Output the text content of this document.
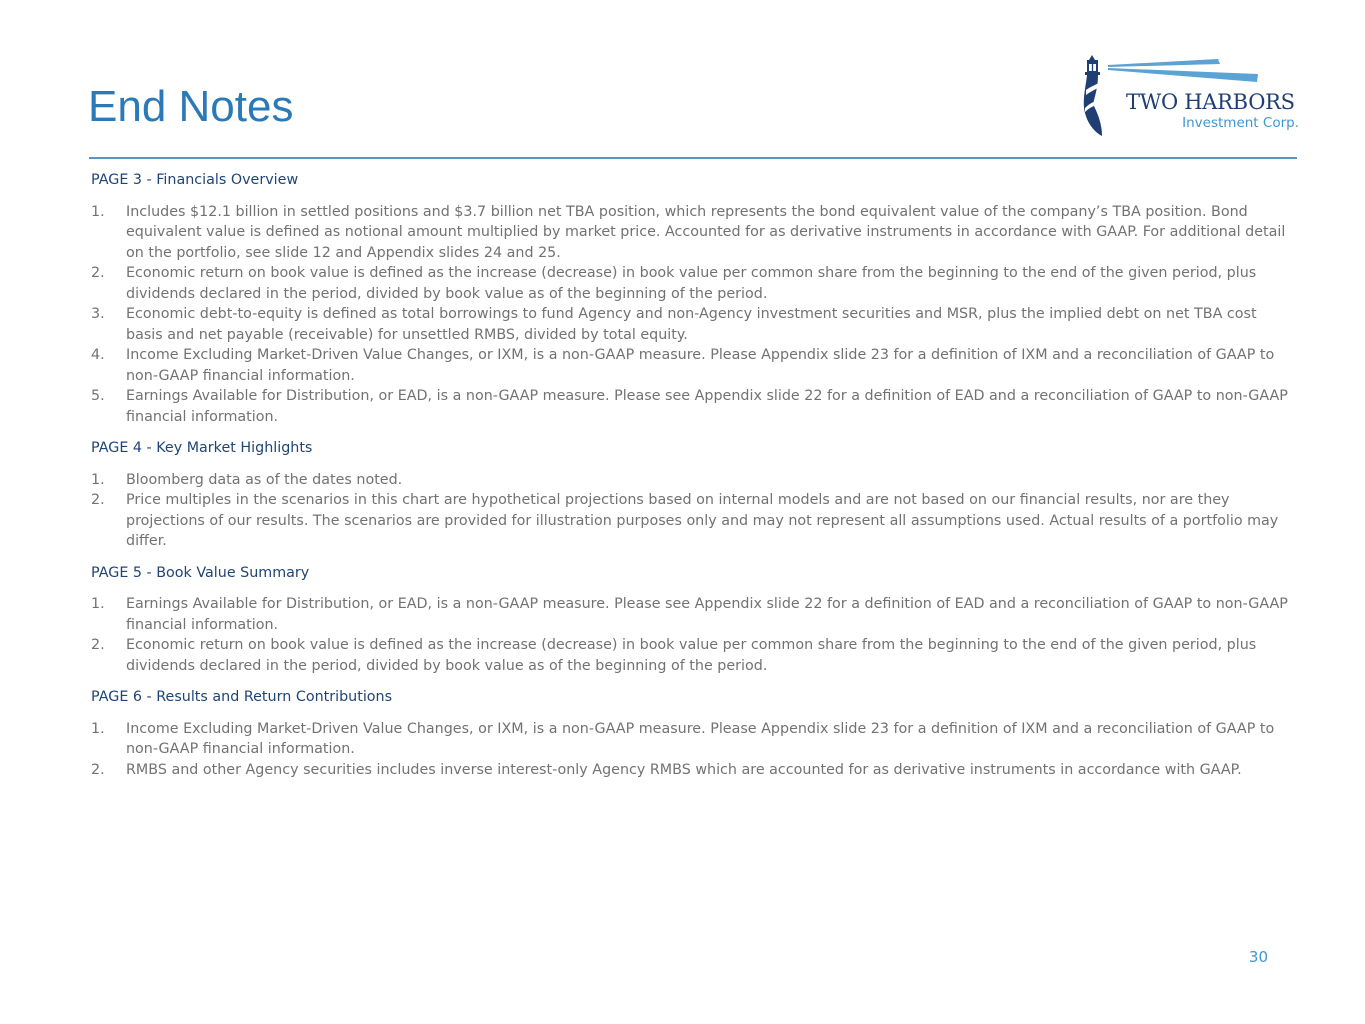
End Notes	TWO HARBORS
Investment Corp.
PAGE 3 - Financials Overview
1.	Includes $12.1 billion in settled positions and $3.7 billion net TBA position, which represents the bond equivalent value of the company’s TBA position. Bond equivalent value is defined as notional amount multiplied by market price. Accounted for as derivative instruments in accordance with GAAP. For additional detail on the portfolio, see slide 12 and Appendix slides 24 and 25.
2.	Economic return on book value is defined as the increase (decrease) in book value per common share from the beginning to the end of the given period, plus dividends declared in the period, divided by book value as of the beginning of the period.
3.	Economic debt-to-equity is defined as total borrowings to fund Agency and non-Agency investment securities and MSR, plus the implied debt on net TBA cost basis and net payable (receivable) for unsettled RMBS, divided by total equity.
4.	Income Excluding Market-Driven Value Changes, or IXM, is a non-GAAP measure. Please Appendix slide 23 for a definition of IXM and a reconciliation of GAAP to non-GAAP financial information.
5.	Earnings Available for Distribution, or EAD, is a non-GAAP measure. Please see Appendix slide 22 for a definition of EAD and a reconciliation of GAAP to non-GAAP financial information.
PAGE 4 - Key Market Highlights
1.	Bloomberg data as of the dates noted.
2.	Price multiples in the scenarios in this chart are hypothetical projections based on internal models and are not based on our financial results, nor are they projections of our results. The scenarios are provided for illustration purposes only and may not represent all assumptions used. Actual results of a portfolio may differ.
PAGE 5 - Book Value Summary
1.	Earnings Available for Distribution, or EAD, is a non-GAAP measure. Please see Appendix slide 22 for a definition of EAD and a reconciliation of GAAP to non-GAAP financial information.
2.	Economic return on book value is defined as the increase (decrease) in book value per common share from the beginning to the end of the given period, plus dividends declared in the period, divided by book value as of the beginning of the period.
PAGE 6 - Results and Return Contributions
1.	Income Excluding Market-Driven Value Changes, or IXM, is a non-GAAP measure. Please Appendix slide 23 for a definition of IXM and a reconciliation of GAAP to non-GAAP financial information.
2.	RMBS and other Agency securities includes inverse interest-only Agency RMBS which are accounted for as derivative instruments in accordance with GAAP.
30
